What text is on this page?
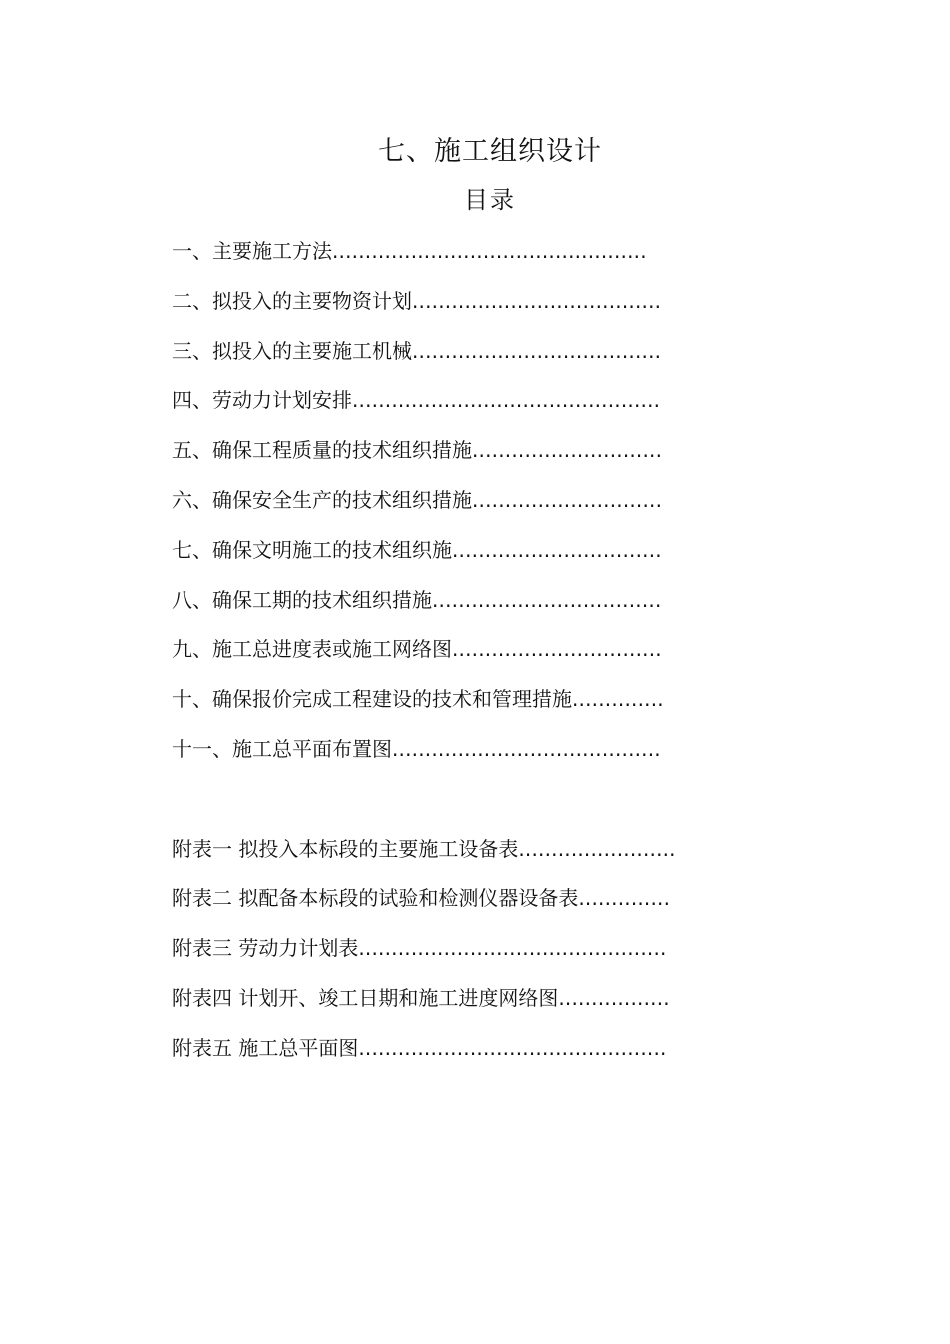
七、施工组织设计
目录
一、主要施工方法................................................
二、拟投入的主要物资计划......................................
三、拟投入的主要施工机械......................................
四、劳动力计划安排...............................................
五、确保工程质量的技术组织措施.............................
六、确保安全生产的技术组织措施.............................
七、确保文明施工的技术组织施................................
八、确保工期的技术组织措施...................................
九、施工总进度表或施工网络图................................
十、确保报价完成工程建设的技术和管理措施..............
十一、施工总平面布置图.........................................
附表一 拟投入本标段的主要施工设备表........................
附表二 拟配备本标段的试验和检测仪器设备表..............
附表三 劳动力计划表...............................................
附表四 计划开、竣工日期和施工进度网络图.................
附表五 施工总平面图...............................................
